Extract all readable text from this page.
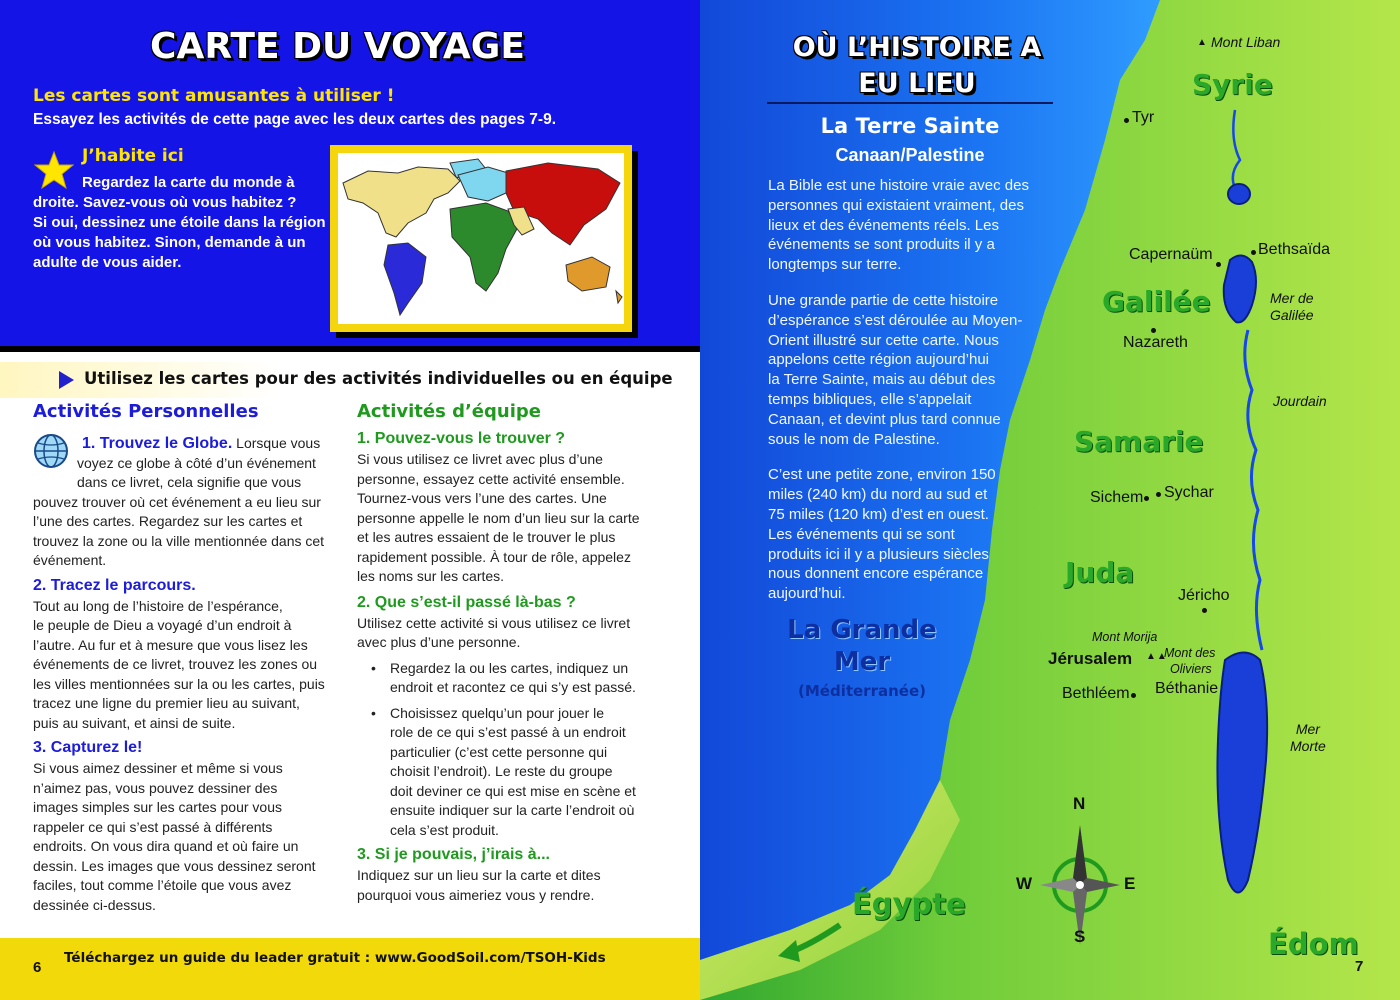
CARTE DU VOYAGE
Les cartes sont amusantes à utiliser !
Essayez les activités de cette page avec les deux cartes des pages 7-9.
J’habite ici
Regardez la carte du monde à
droite. Savez-vous où vous habitez ?
Si oui, dessinez une étoile dans la région
où vous habitez. Sinon, demande à un
adulte de vous aider.
Utilisez les cartes pour des activités individuelles ou en équipe
Activités Personnelles
1. Trouvez le Globe. Lorsque vous
voyez ce globe à côté d’un événement
dans ce livret, cela signifie que vous
pouvez trouver où cet événement a eu lieu sur
l’une des cartes. Regardez sur les cartes et
trouvez la zone ou la ville mentionnée dans cet
événement.
2. Tracez le parcours.
Tout au long de l’histoire de l’espérance,
le peuple de Dieu a voyagé d’un endroit à
l’autre. Au fur et à mesure que vous lisez les
événements de ce livret, trouvez les zones ou
les villes mentionnées sur la ou les cartes, puis
tracez une ligne du premier lieu au suivant,
puis au suivant, et ainsi de suite.
3. Capturez le!
Si vous aimez dessiner et même si vous
n’aimez pas, vous pouvez dessiner des
images simples sur les cartes pour vous
rappeler ce qui s’est passé à différents
endroits. On vous dira quand et où faire un
dessin. Les images que vous dessinez seront
faciles, tout comme l’étoile que vous avez
dessinée ci-dessus.
Activités d’équipe
1. Pouvez-vous le trouver ?
Si vous utilisez ce livret avec plus d’une
personne, essayez cette activité ensemble.
Tournez-vous vers l’une des cartes. Une
personne appelle le nom d’un lieu sur la carte
et les autres essaient de le trouver le plus
rapidement possible. À tour de rôle, appelez
les noms sur les cartes.
2. Que s’est-il passé là-bas ?
Utilisez cette activité si vous utilisez ce livret
avec plus d’une personne.
• Regardez la ou les cartes, indiquez un
endroit et racontez ce qui s’y est passé.
• Choisissez quelqu’un pour jouer le
role de ce qui s’est passé à un endroit
particulier (c’est cette personne qui
choisit l’endroit). Le reste du groupe
doit deviner ce qui est mise en scène et
ensuite indiquer sur la carte l’endroit où
cela s’est produit.
3. Si je pouvais, j’irais à...
Indiquez sur un lieu sur la carte et dites
pourquoi vous aimeriez vous y rendre.
Téléchargez un guide du leader gratuit : www.GoodSoil.com/TSOH-Kids
6
OÙ L’HISTOIRE A
EU LIEU
La Terre Sainte
Canaan/Palestine
La Bible est une histoire vraie avec des
personnes qui existaient vraiment, des
lieux et des événements réels. Les
événements se sont produits il y a
longtemps sur terre.
Une grande partie de cette histoire
d’espérance s’est déroulée au Moyen-
Orient illustré sur cette carte. Nous
appelons cette région aujourd’hui
la Terre Sainte, mais au début des
temps bibliques, elle s’appelait
Canaan, et devint plus tard connue
sous le nom de Palestine.
C’est une petite zone, environ 150
miles (240 km) du nord au sud et
75 miles (120 km) d’est en ouest.
Les événements qui se sont
produits ici il y a plusieurs siècles
nous donnent encore espérance
aujourd’hui.
La Grande
Mer
(Méditerranée)
Syrie
Galilée
Samarie
Juda
Égypte
Édom
▲ Mont Liban
Tyr
Capernaüm	Bethsaïda
Mer de
Galilée
Nazareth
Jourdain
Sichem Sychar
Jéricho
Mont Morija
Jérusalem ▲▲
Mont des
Oliviers
Bethléem Béthanie
Mer
Morte
N
S
E
W
7
